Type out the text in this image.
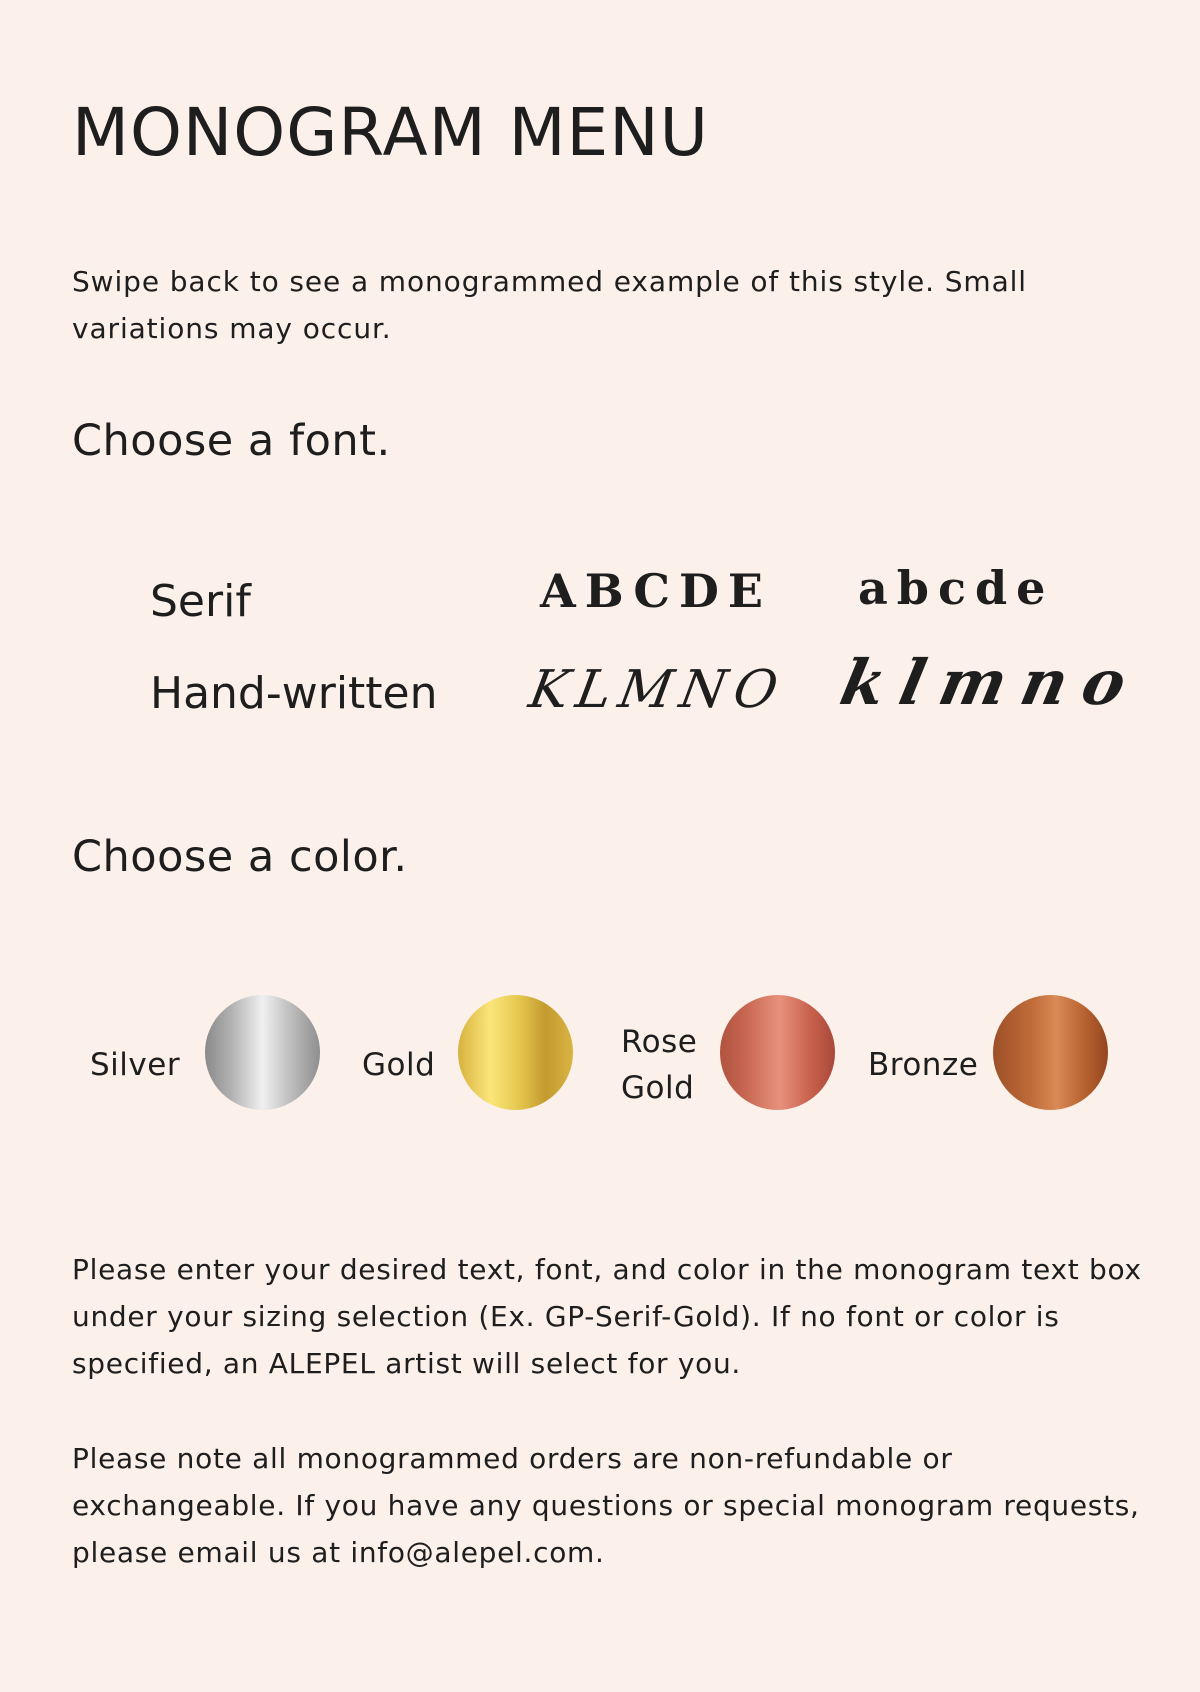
MONOGRAM MENU
Swipe back to see a monogrammed example of this style. Small variations may occur.
Choose a font.
Serif	ABCDE abcde
Hand-written KLMNO klmno
Choose a color.
Silver	Gold
Rose Gold
Bronze
Please enter your desired text, font, and color in the monogram text box under your sizing selection (Ex. GP-Serif-Gold). If no font or color is specified, an ALEPEL artist will select for you.
Please note all monogrammed orders are non-refundable or exchangeable. If you have any questions or special monogram requests, please email us at info@alepel.com.
